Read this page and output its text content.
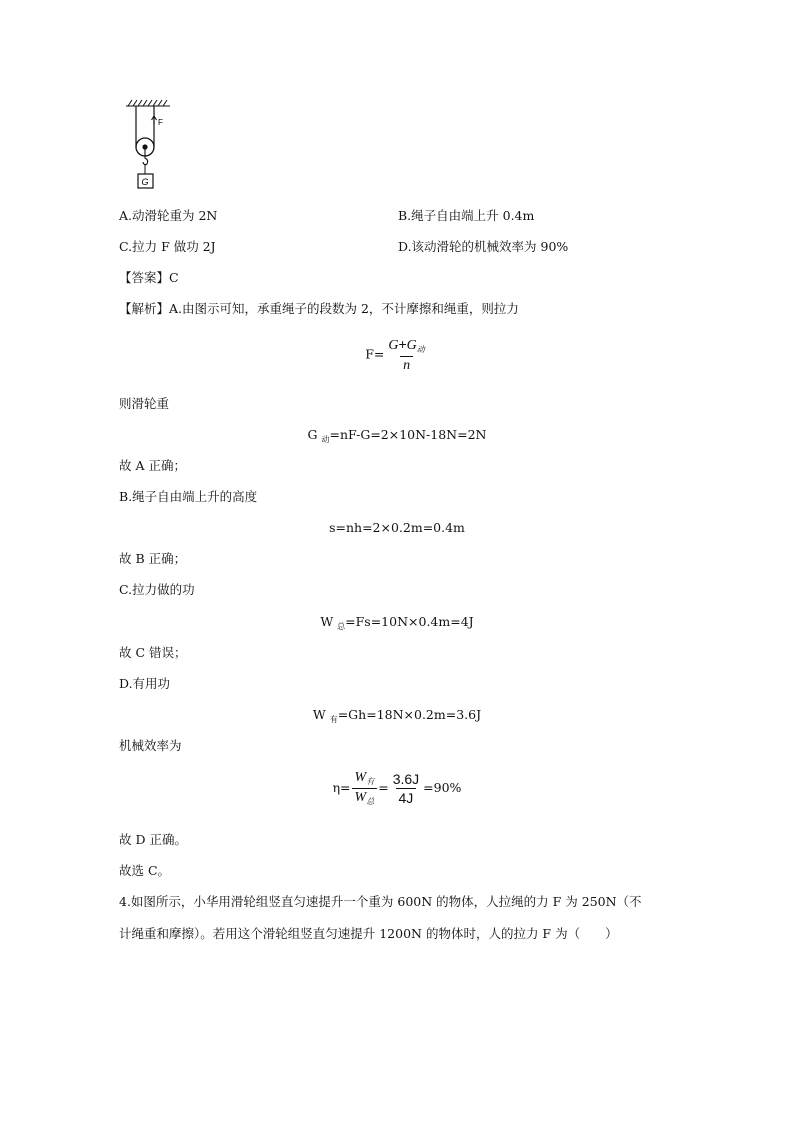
G
F
A.动滑轮重为 2N	B.绳子自由端上升 0.4m
C.拉力 F 做功 2J	D.该动滑轮的机械效率为 90%
【答案】C
【解析】A.由图示可知，承重绳子的段数为 2，不计摩擦和绳重，则拉力
$F= \frac{G+G_动}{n}$
则滑轮重
G $_动$=nF-G=2×10N-18N=2N
故 A 正确；
B.绳子自由端上升的高度
s=nh=2×0.2m=0.4m
故 B 正确；
C.拉力做的功
W $_总$=Fs=10N×0.4m=4J
故 C 错误；
D.有用功
W $_有$=Gh=18N×0.2m=3.6J
机械效率为
$\eta= \frac{W_有}{W_总} = \frac{3.6J}{4J} =90\%$
故 D 正确。
故选 C。
4.如图所示，小华用滑轮组竖直匀速提升一个重为 600N 的物体，人拉绳的力 F 为 250N（不
计绳重和摩擦）。若用这个滑轮组竖直匀速提升 1200N 的物体时，人的拉力 F 为（　　）
